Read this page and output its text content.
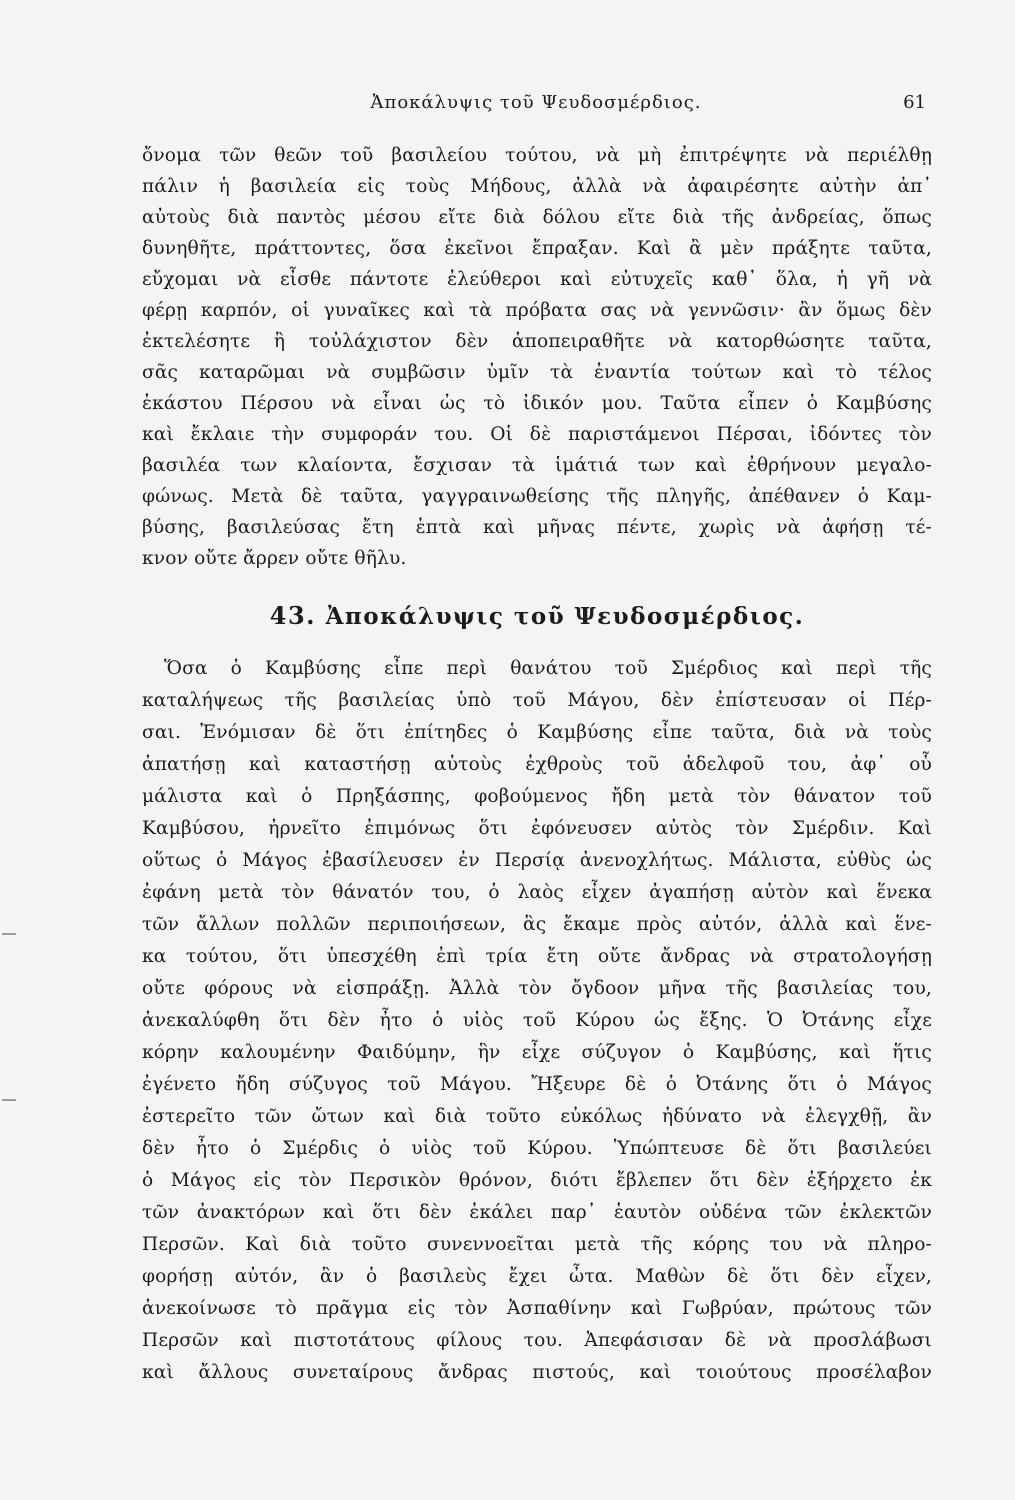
Ἀποκάλυψις τοῦ Ψευδοσμέρδιος.	61
ὄνομα τῶν θεῶν τοῦ βασιλείου τούτου, νὰ μὴ ἐπιτρέψητε νὰ περιέλθῃ
πάλιν ἡ βασιλεία εἰς τοὺς Μήδους, ἀλλὰ νὰ ἀφαιρέσητε αὐτὴν ἀπ᾽
αὐτοὺς διὰ παντὸς μέσου εἴτε διὰ δόλου εἴτε διὰ τῆς ἀνδρείας, ὅπως
δυνηθῆτε, πράττοντες, ὅσα ἐκεῖνοι ἔπραξαν. Καὶ ἂ μὲν πράξητε ταῦτα,
εὔχομαι νὰ εἶσθε πάντοτε ἐλεύθεροι καὶ εὐτυχεῖς καθ᾽ ὅλα, ἡ γῆ νὰ
φέρῃ καρπόν, οἱ γυναῖκες καὶ τὰ πρόβατα σας νὰ γεννῶσιν· ἂν ὅμως δὲν
ἐκτελέσητε ἢ τοὐλάχιστον δὲν ἀποπειραθῆτε νὰ κατορθώσητε ταῦτα,
σᾶς καταρῶμαι νὰ συμβῶσιν ὑμῖν τὰ ἐναντία τούτων καὶ τὸ τέλος
ἑκάστου Πέρσου νὰ εἶναι ὡς τὸ ἰδικόν μου. Ταῦτα εἶπεν ὁ Καμβύσης
καὶ ἔκλαιε τὴν συμφοράν του. Οἱ δὲ παριστάμενοι Πέρσαι, ἰδόντες τὸν
βασιλέα των κλαίοντα, ἔσχισαν τὰ ἱμάτιά των καὶ ἐθρήνουν μεγαλο-
φώνως. Μετὰ δὲ ταῦτα, γαγγραινωθείσης τῆς πληγῆς, ἀπέθανεν ὁ Καμ-
βύσης, βασιλεύσας ἔτη ἑπτὰ καὶ μῆνας πέντε, χωρὶς νὰ ἀφήσῃ τέ-
κνον οὔτε ἄρρεν οὔτε θῆλυ.
43. Ἀποκάλυψις τοῦ Ψευδοσμέρδιος.
Ὅσα ὁ Καμβύσης εἶπε περὶ θανάτου τοῦ Σμέρδιος καὶ περὶ τῆς
καταλήψεως τῆς βασιλείας ὑπὸ τοῦ Μάγου, δὲν ἐπίστευσαν οἱ Πέρ-
σαι. Ἐνόμισαν δὲ ὅτι ἐπίτηδες ὁ Καμβύσης εἶπε ταῦτα, διὰ νὰ τοὺς
ἀπατήσῃ καὶ καταστήσῃ αὐτοὺς ἐχθροὺς τοῦ ἀδελφοῦ του, ἀφ᾽ οὗ
μάλιστα καὶ ὁ Πρηξάσπης, φοβούμενος ἤδη μετὰ τὸν θάνατον τοῦ
Καμβύσου, ἠρνεῖτο ἐπιμόνως ὅτι ἐφόνευσεν αὐτὸς τὸν Σμέρδιν. Καὶ
οὕτως ὁ Μάγος ἐβασίλευσεν ἐν Περσίᾳ ἀνενοχλήτως. Μάλιστα, εὐθὺς ὡς
ἐφάνη μετὰ τὸν θάνατόν του, ὁ λαὸς εἶχεν ἀγαπήσῃ αὐτὸν καὶ ἕνεκα
τῶν ἄλλων πολλῶν περιποιήσεων, ἃς ἔκαμε πρὸς αὐτόν, ἀλλὰ καὶ ἕνε-
κα τούτου, ὅτι ὑπεσχέθη ἐπὶ τρία ἔτη οὔτε ἄνδρας νὰ στρατολογήσῃ
οὔτε φόρους νὰ εἰσπράξῃ. Ἀλλὰ τὸν ὄγδοον μῆνα τῆς βασιλείας του,
ἀνεκαλύφθη ὅτι δὲν ἦτο ὁ υἱὸς τοῦ Κύρου ὡς ἔξης. Ὁ Ὀτάνης εἶχε
κόρην καλουμένην Φαιδύμην, ἣν εἶχε σύζυγον ὁ Καμβύσης, καὶ ἥτις
ἐγένετο ἤδη σύζυγος τοῦ Μάγου. Ἤξευρε δὲ ὁ Ὀτάνης ὅτι ὁ Μάγος
ἐστερεῖτο τῶν ὤτων καὶ διὰ τοῦτο εὐκόλως ἠδύνατο νὰ ἐλεγχθῇ, ἂν
δὲν ἦτο ὁ Σμέρδις ὁ υἱὸς τοῦ Κύρου. Ὑπώπτευσε δὲ ὅτι βασιλεύει
ὁ Μάγος εἰς τὸν Περσικὸν θρόνον, διότι ἔβλεπεν ὅτι δὲν ἐξήρχετο ἐκ
τῶν ἀνακτόρων καὶ ὅτι δὲν ἐκάλει παρ᾽ ἑαυτὸν οὐδένα τῶν ἐκλεκτῶν
Περσῶν. Καὶ διὰ τοῦτο συνεννοεῖται μετὰ τῆς κόρης του νὰ πληρο-
φορήσῃ αὐτόν, ἂν ὁ βασιλεὺς ἔχει ὦτα. Μαθὼν δὲ ὅτι δὲν εἶχεν,
ἀνεκοίνωσε τὸ πρᾶγμα εἰς τὸν Ἀσπαθίνην καὶ Γωβρύαν, πρώτους τῶν
Περσῶν καὶ πιστοτάτους φίλους του. Ἀπεφάσισαν δὲ νὰ προσλάβωσι
καὶ ἄλλους συνεταίρους ἄνδρας πιστούς, καὶ τοιούτους προσέλαβον
―
―
